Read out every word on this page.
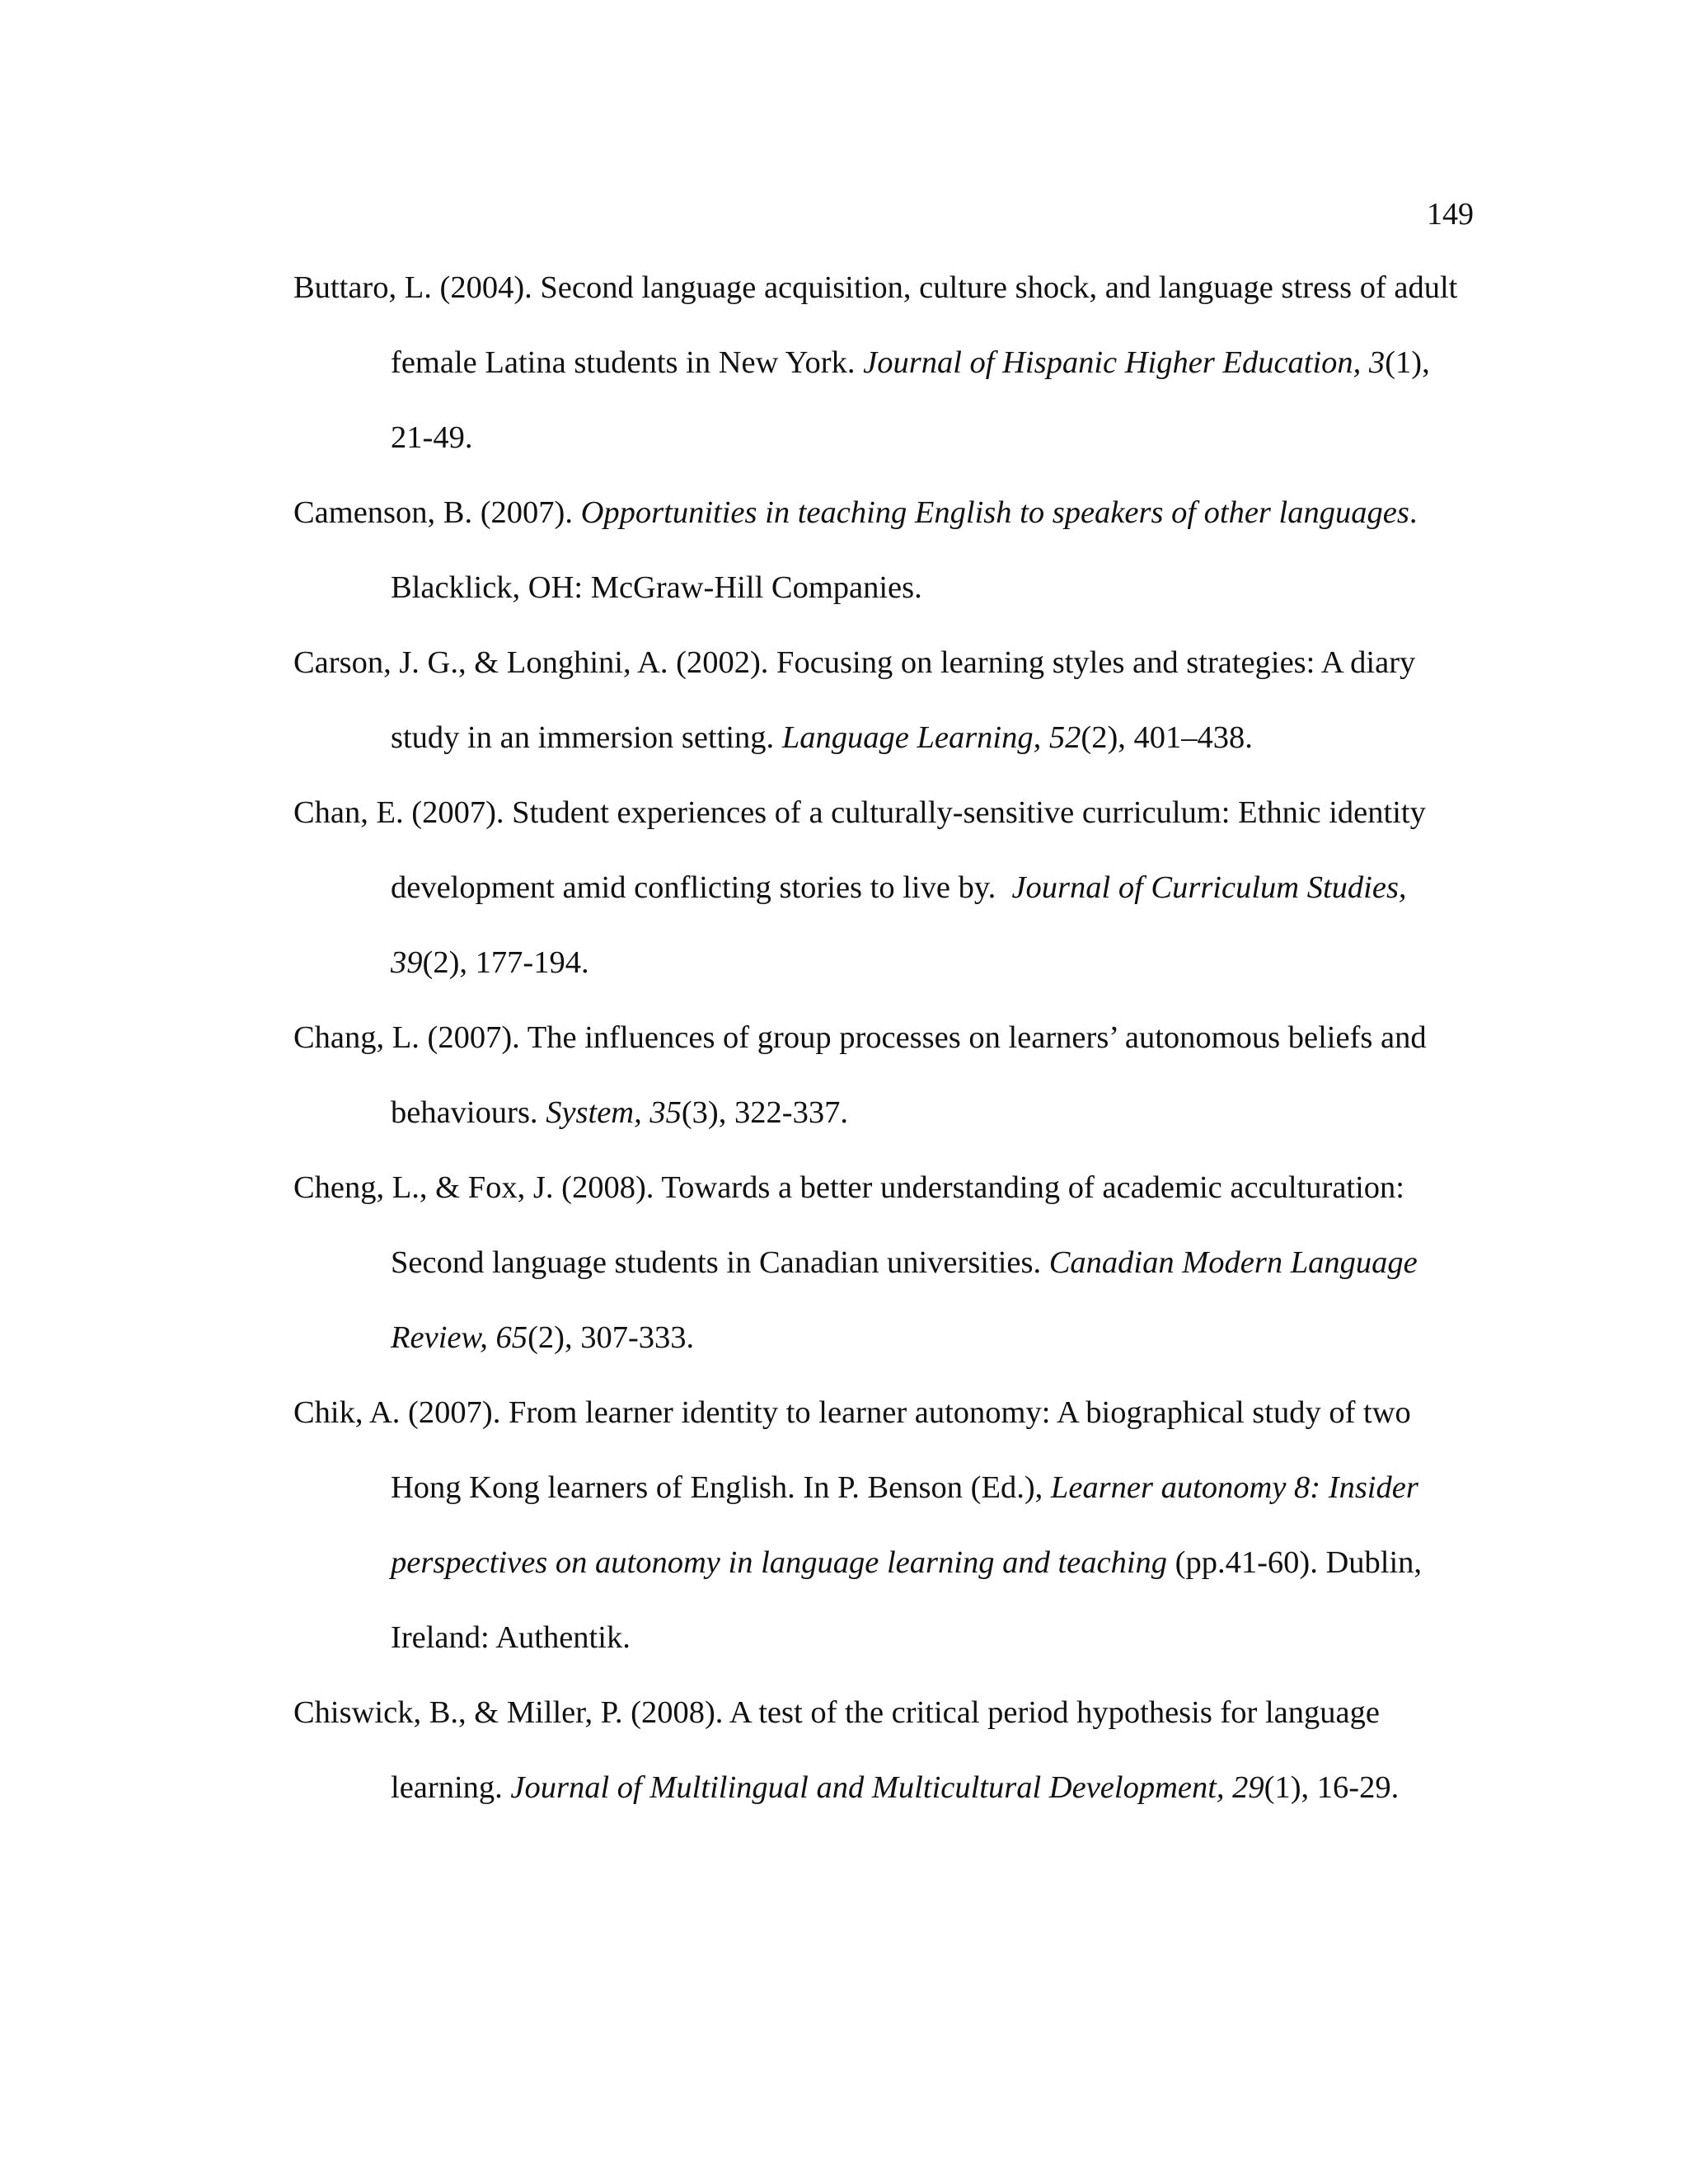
149

Buttaro, L. (2004). Second language acquisition, culture shock, and language stress of adult female Latina students in New York. Journal of Hispanic Higher Education, 3(1), 21-49.

Camenson, B. (2007). Opportunities in teaching English to speakers of other languages. Blacklick, OH: McGraw-Hill Companies.

Carson, J. G., & Longhini, A. (2002). Focusing on learning styles and strategies: A diary study in an immersion setting. Language Learning, 52(2), 401–438.

Chan, E. (2007). Student experiences of a culturally-sensitive curriculum: Ethnic identity development amid conflicting stories to live by.  Journal of Curriculum Studies, 39(2), 177-194.

Chang, L. (2007). The influences of group processes on learners’ autonomous beliefs and behaviours. System, 35(3), 322-337.

Cheng, L., & Fox, J. (2008). Towards a better understanding of academic acculturation: Second language students in Canadian universities. Canadian Modern Language Review, 65(2), 307-333.

Chik, A. (2007). From learner identity to learner autonomy: A biographical study of two Hong Kong learners of English. In P. Benson (Ed.), Learner autonomy 8: Insider perspectives on autonomy in language learning and teaching (pp.41-60). Dublin, Ireland: Authentik.

Chiswick, B., & Miller, P. (2008). A test of the critical period hypothesis for language learning. Journal of Multilingual and Multicultural Development, 29(1), 16-29.
